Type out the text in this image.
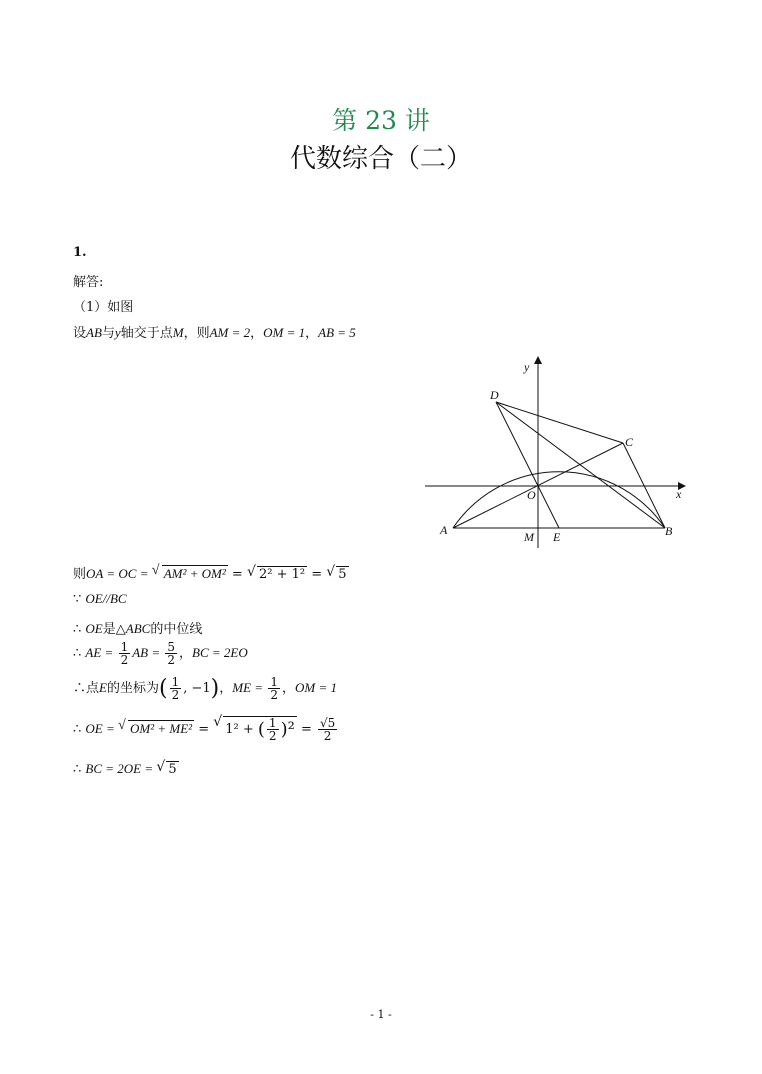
第 23 讲
代数综合（二）
1.
解答:
（1）如图
设AB与y轴交于点M，则AM = 2，OM = 1，AB = 5
x
y
O
A	B
C
D
E
M
则OA = OC = √ AM² + OM² = √ 2² + 1² = √ 5
∵ OE//BC
∴ OE是△ABC的中位线
∴ AE = $\frac{1}{2}$ AB = $\frac{5}{2}$ ，BC = 2EO
∴点E的坐标为( $\frac{1}{2}$ , −1)，ME = $\frac{1}{2}$ ，OM = 1
∴ OE = √ OM² + ME² = √ 1² + ( $\frac{1}{2} )^2 = \frac{√5}{2}$
∴ BC = 2OE = √ 5
- 1 -
